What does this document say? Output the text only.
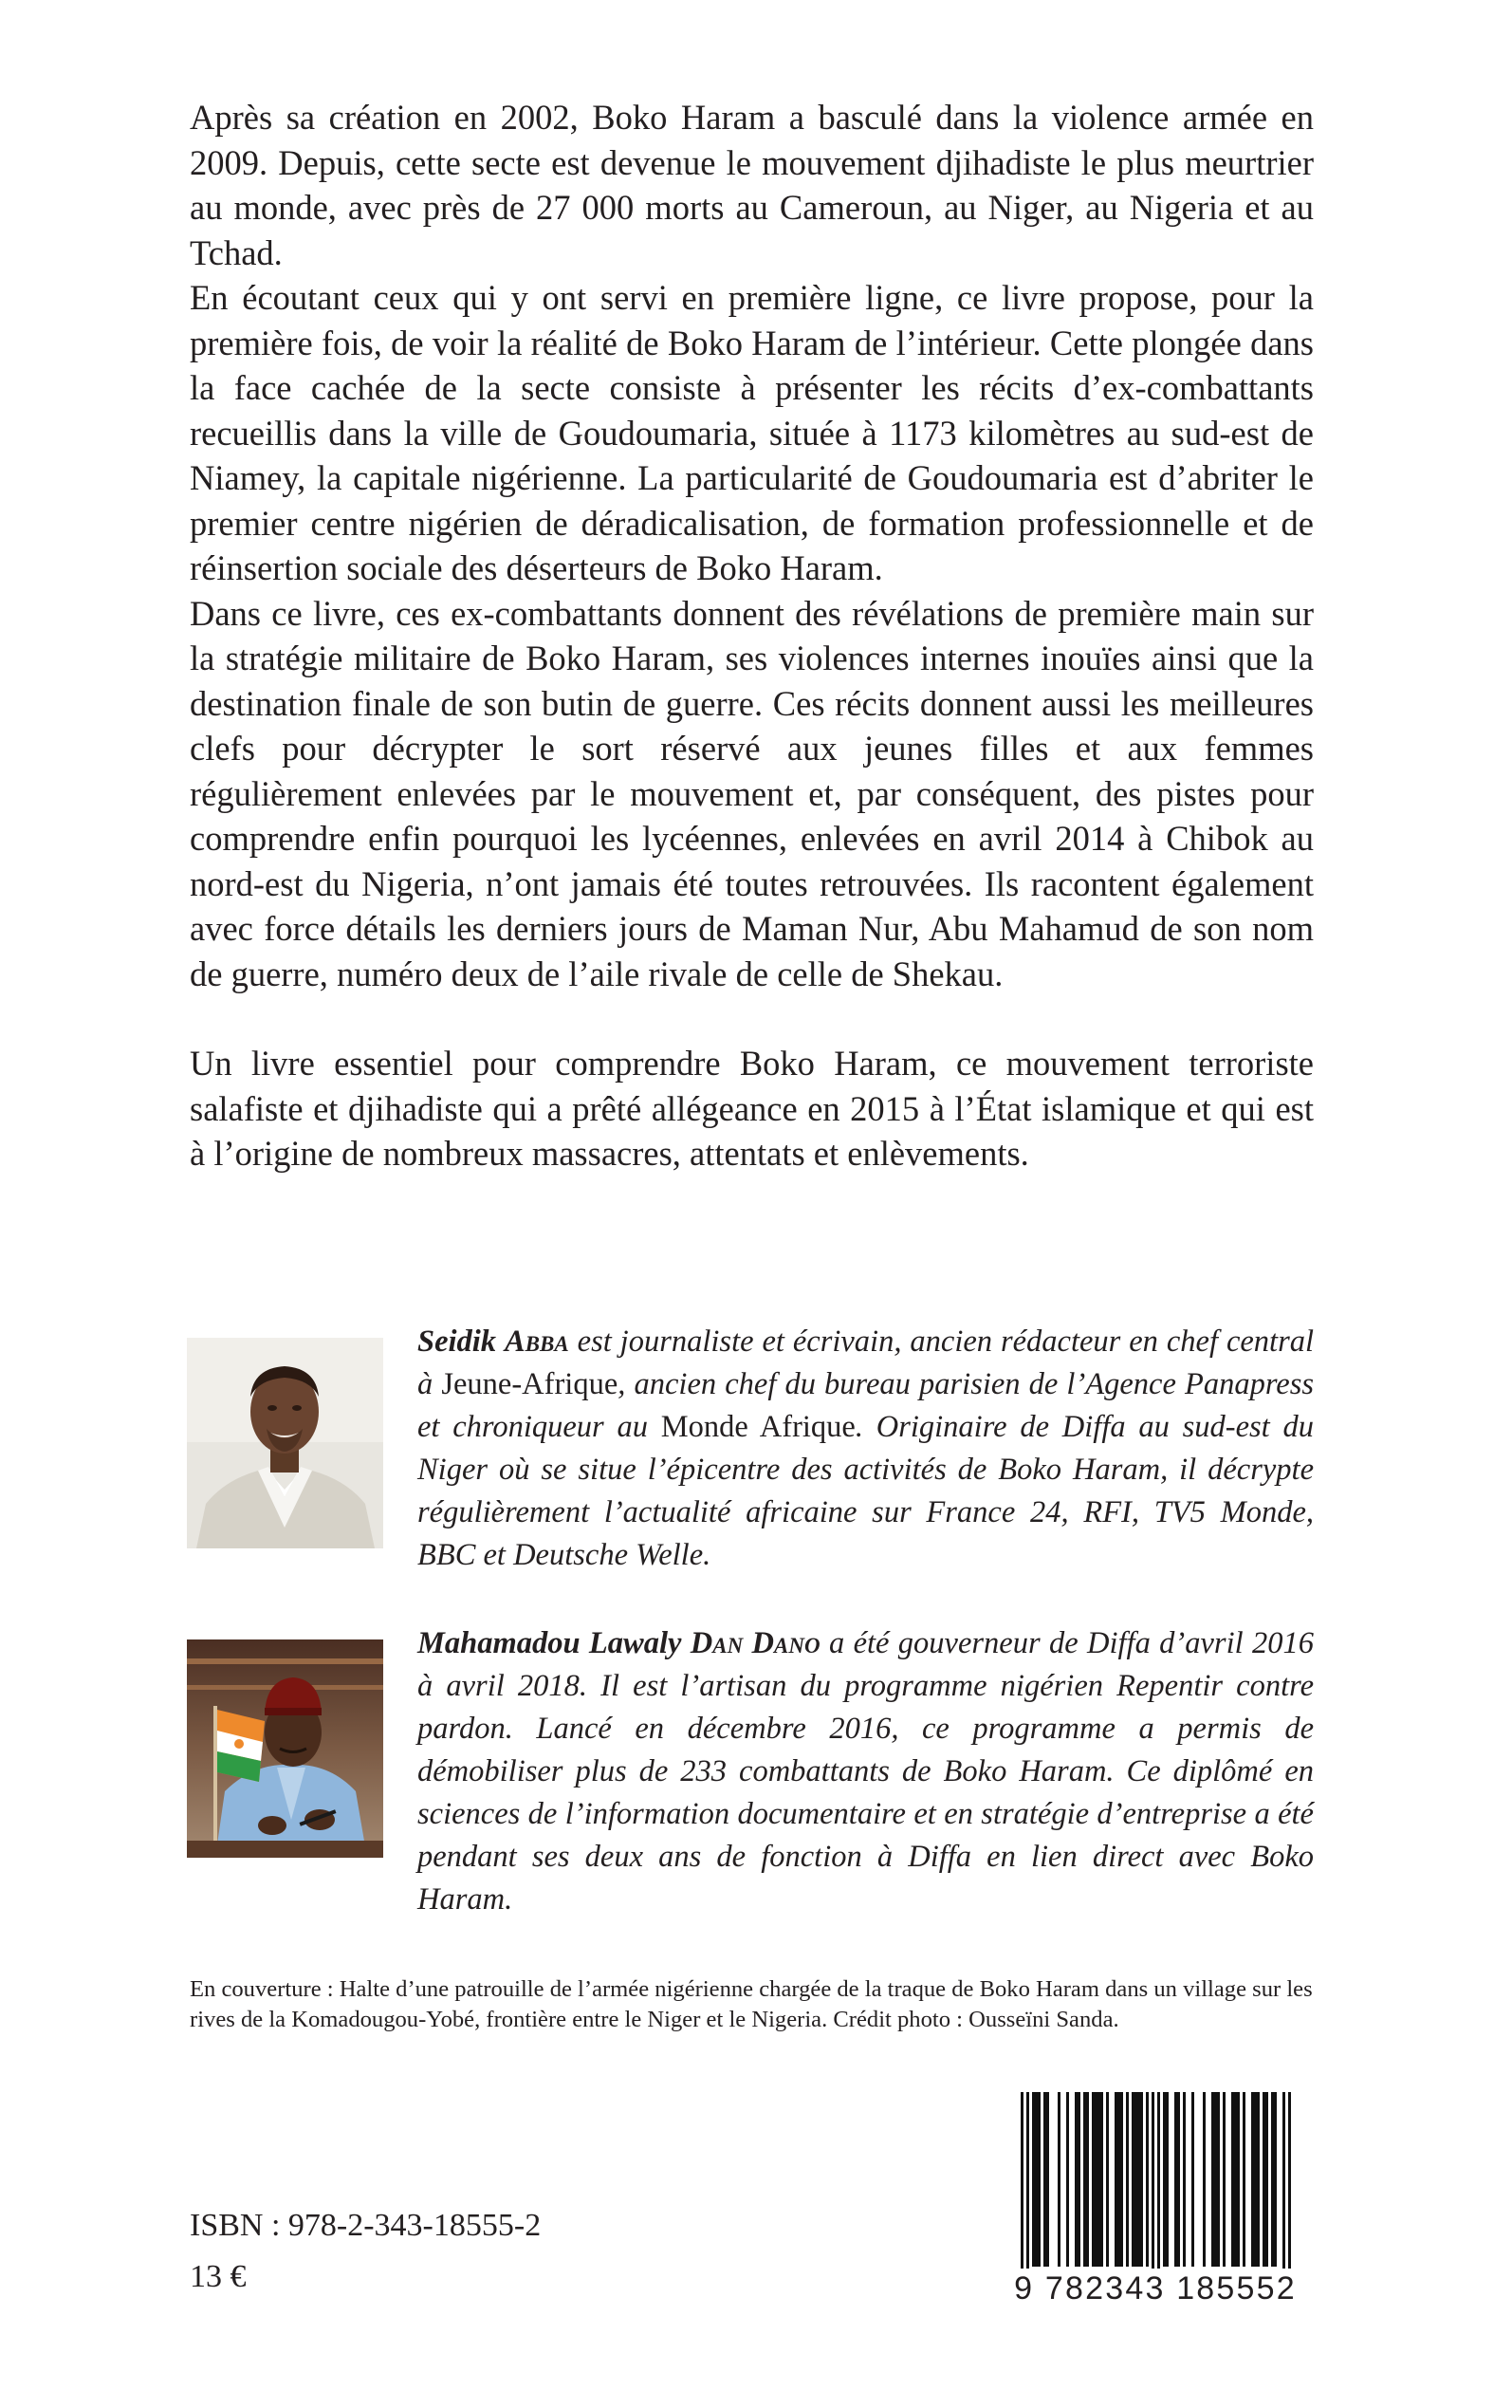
Après sa création en 2002, Boko Haram a basculé dans la violence armée en 2009. Depuis, cette secte est devenue le mouvement djihadiste le plus meurtrier au monde, avec près de 27 000 morts au Cameroun, au Niger, au Nigeria et au Tchad.

En écoutant ceux qui y ont servi en première ligne, ce livre propose, pour la première fois, de voir la réalité de Boko Haram de l’intérieur. Cette plongée dans la face cachée de la secte consiste à présenter les récits d’ex-combattants recueillis dans la ville de Goudoumaria, située à 1173 kilomètres au sud-est de Niamey, la capitale nigérienne. La particularité de Goudoumaria est d’abriter le premier centre nigérien de déradicalisation, de formation professionnelle et de réinsertion sociale des déserteurs de Boko Haram.

Dans ce livre, ces ex-combattants donnent des révélations de première main sur la stratégie militaire de Boko Haram, ses violences internes inouïes ainsi que la destination finale de son butin de guerre. Ces récits donnent aussi les meilleures clefs pour décrypter le sort réservé aux jeunes filles et aux femmes régulièrement enlevées par le mouvement et, par conséquent, des pistes pour comprendre enfin pourquoi les lycéennes, enlevées en avril 2014 à Chibok au nord-est du Nigeria, n’ont jamais été toutes retrouvées. Ils racontent également avec force détails les derniers jours de Maman Nur, Abu Mahamud de son nom de guerre, numéro deux de l’aile rivale de celle de Shekau.

Un livre essentiel pour comprendre Boko Haram, ce mouvement terroriste salafiste et djihadiste qui a prêté allégeance en 2015 à l’État islamique et qui est à l’origine de nombreux massacres, attentats et enlèvements.

Seidik Abba est journaliste et écrivain, ancien rédacteur en chef central à Jeune-Afrique, ancien chef du bureau parisien de l’Agence Panapress et chroniqueur au Monde Afrique. Originaire de Diffa au sud-est du Niger où se situe l’épicentre des activités de Boko Haram, il décrypte régulièrement l’actualité africaine sur France 24, RFI, TV5 Monde, BBC et Deutsche Welle.
Mahamadou Lawaly Dan Dano a été gouverneur de Diffa d’avril 2016 à avril 2018. Il est l’artisan du programme nigérien Repentir contre pardon. Lancé en décembre 2016, ce programme a permis de démobiliser plus de 233 combattants de Boko Haram. Ce diplômé en sciences de l’information documentaire et en stratégie d’entreprise a été pendant ses deux ans de fonction à Diffa en lien direct avec Boko Haram.
En couverture : Halte d’une patrouille de l’armée nigérienne chargée de la traque de Boko Haram dans un village sur les rives de la Komadougou-Yobé, frontière entre le Niger et le Nigeria. Crédit photo : Ousseïni Sanda.
ISBN : 978-2-343-18555-2
13 €	9 782343 185552
